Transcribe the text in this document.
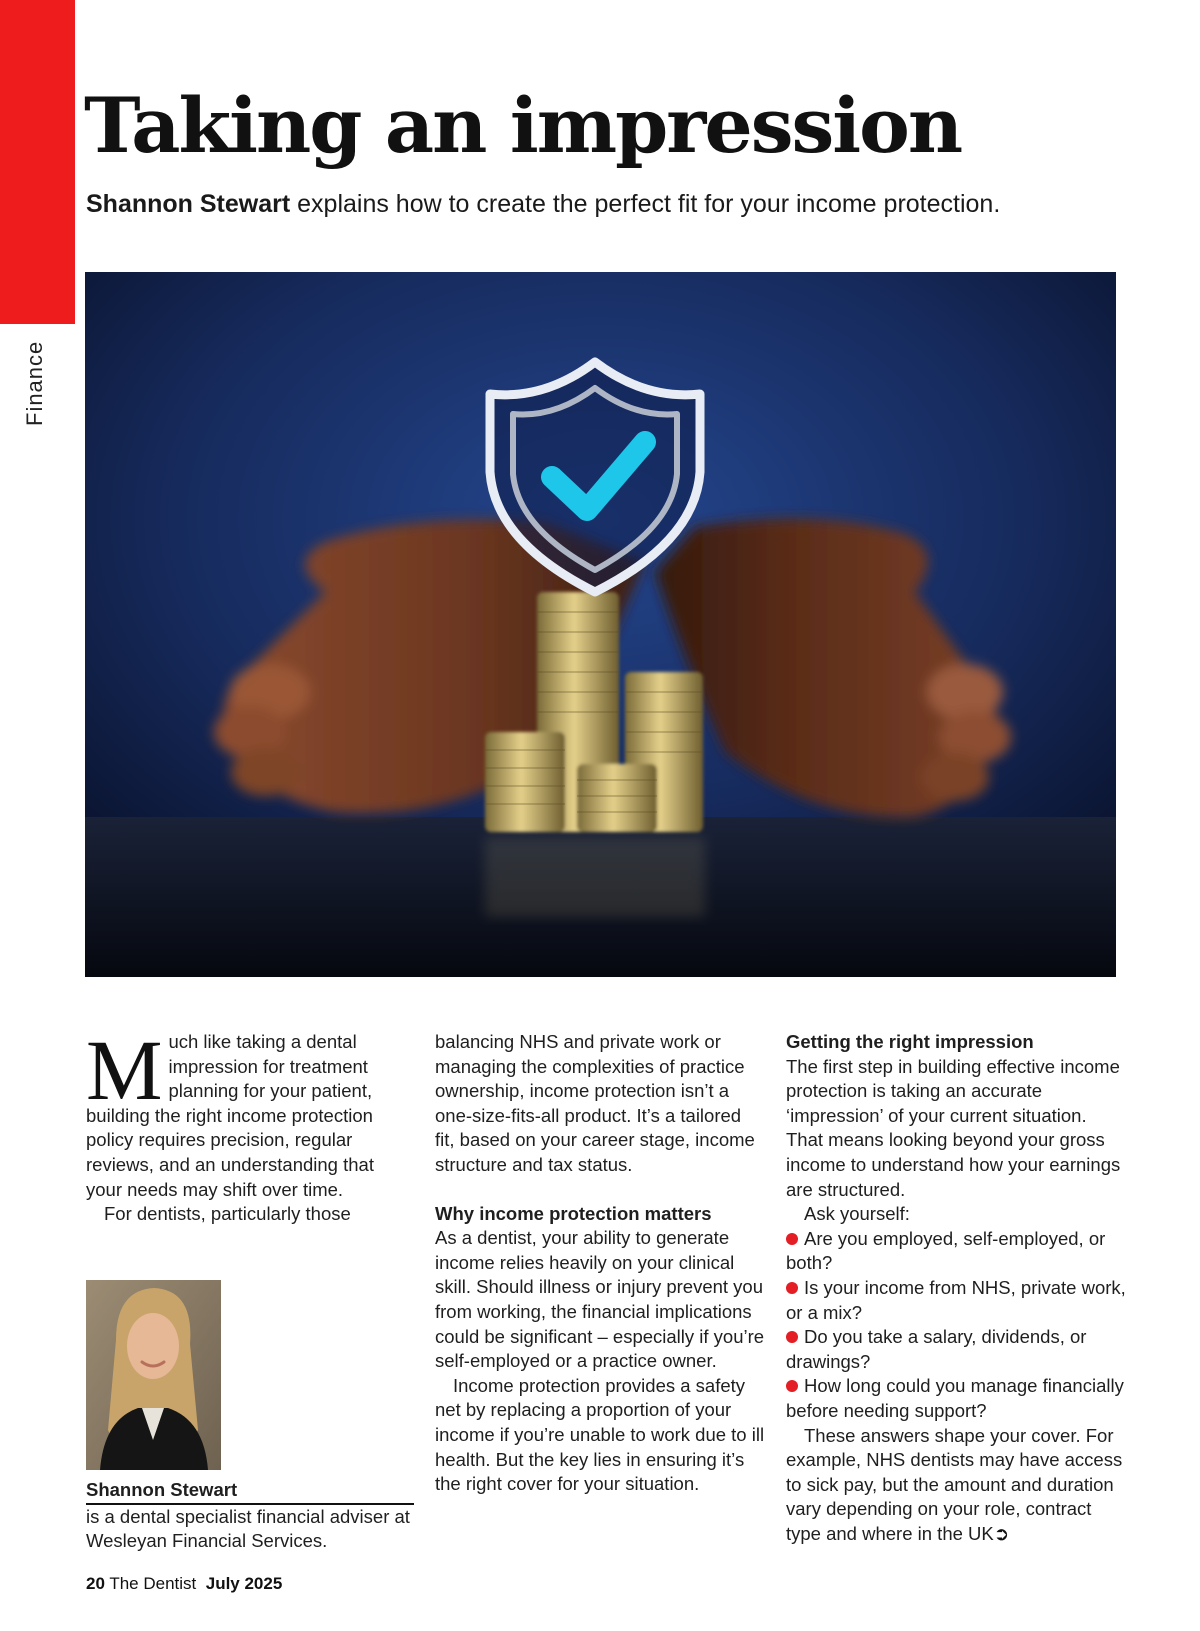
Finance
Taking an impression
Shannon Stewart explains how to create the perfect fit for your income protection.

Much like taking a dental impression for treatment planning for your patient, building the right income protection policy requires precision, regular reviews, and an understanding that your needs may shift over time.

For dentists, particularly those

balancing NHS and private work or managing the complexities of practice ownership, income protection isn’t a one-size-fits-all product. It’s a tailored fit, based on your career stage, income structure and tax status.

Why income protection matters

As a dentist, your ability to generate income relies heavily on your clinical skill. Should illness or injury prevent you from working, the financial implications could be significant – especially if you’re self-employed or a practice owner.

Income protection provides a safety net by replacing a proportion of your income if you’re unable to work due to ill health. But the key lies in ensuring it’s the right cover for your situation.

Getting the right impression

The first step in building effective income protection is taking an accurate ‘impression’ of your current situation. That means looking beyond your gross income to understand how your earnings are structured.

Ask yourself:

Are you employed, self-employed, or both?

Is your income from NHS, private work, or a mix?

Do you take a salary, dividends, or drawings?

How long could you manage financially before needing support?

These answers shape your cover. For example, NHS dentists may have access to sick pay, but the amount and duration vary depending on your role, contract type and where in the UK➲

Shannon Stewart
is a dental specialist financial adviser at Wesleyan Financial Services.
20 The Dentist July 2025
